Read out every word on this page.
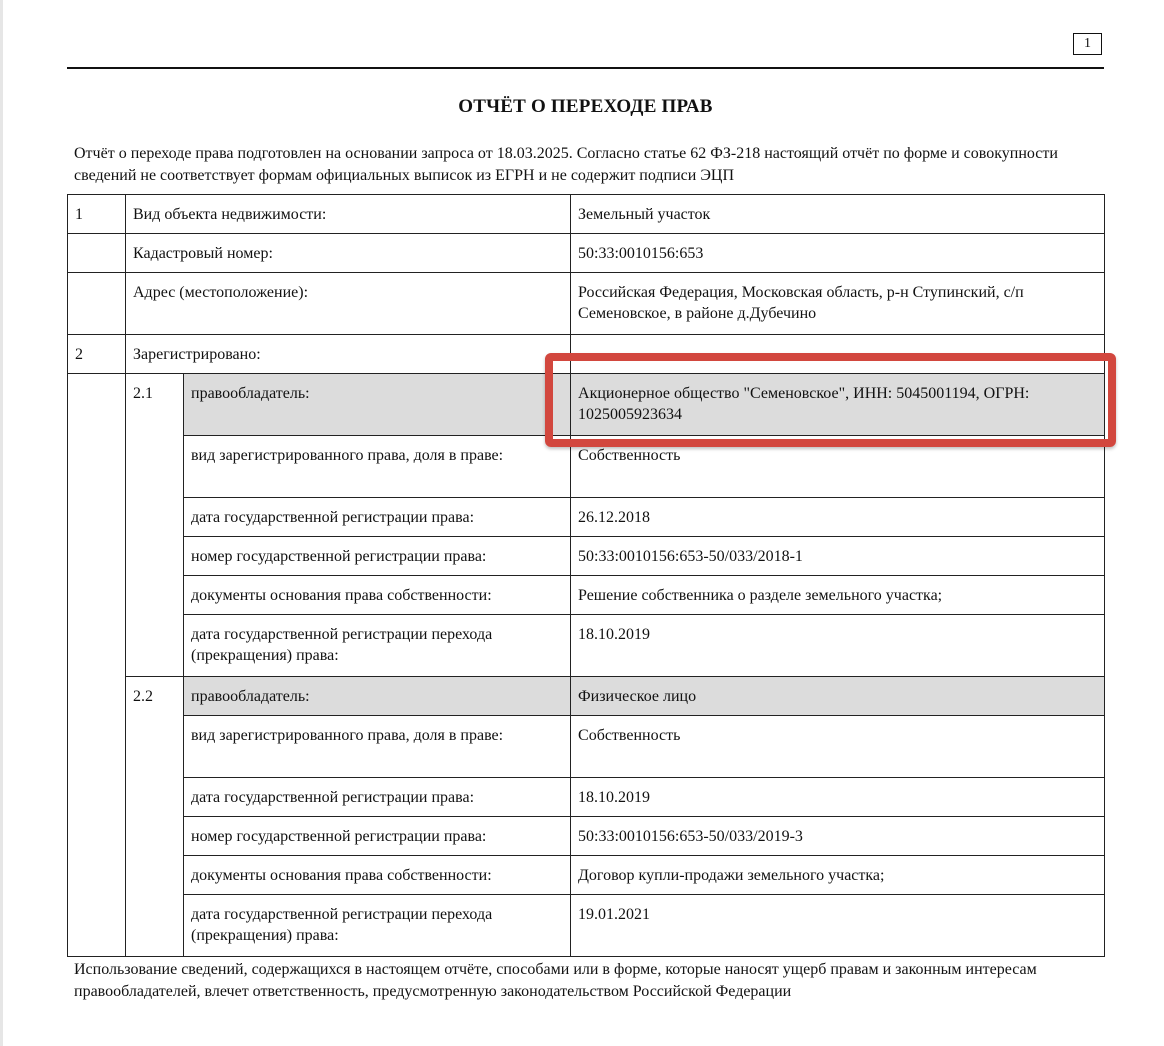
1
ОТЧЁТ О ПЕРЕХОДЕ ПРАВ
Отчёт о переходе права подготовлен на основании запроса от 18.03.2025. Согласно статье 62 ФЗ-218 настоящий отчёт по форме и совокупности сведений не соответствует формам официальных выписок из ЕГРН и не содержит подписи ЭЦП
1	Вид объекта недвижимости:		Земельный участок
	Кадастровый номер:		50:33:0010156:653
	Адрес (местоположение):		Российская Федерация, Московская область, р-н Ступинский, с/п Семеновское, в районе д.Дубечино
2	Зарегистрировано:		
	2.1	правообладатель:	Акционерное общество "Семеновское", ИНН: 5045001194, ОГРН: 1025005923634
		вид зарегистрированного права, доля в праве:	Собственность
		дата государственной регистрации права:	26.12.2018
		номер государственной регистрации права:	50:33:0010156:653-50/033/2018-1
		документы основания права собственности:	Решение собственника о разделе земельного участка;
		дата государственной регистрации перехода (прекращения) права:	18.10.2019
	2.2	правообладатель:	Физическое лицо
		вид зарегистрированного права, доля в праве:	Собственность
		дата государственной регистрации права:	18.10.2019
		номер государственной регистрации права:	50:33:0010156:653-50/033/2019-3
		документы основания права собственности:	Договор купли-продажи земельного участка;
		дата государственной регистрации перехода (прекращения) права:	19.01.2021
Использование сведений, содержащихся в настоящем отчёте, способами или в форме, которые наносят ущерб правам и законным интересам правообладателей, влечет ответственность, предусмотренную законодательством Российской Федерации
